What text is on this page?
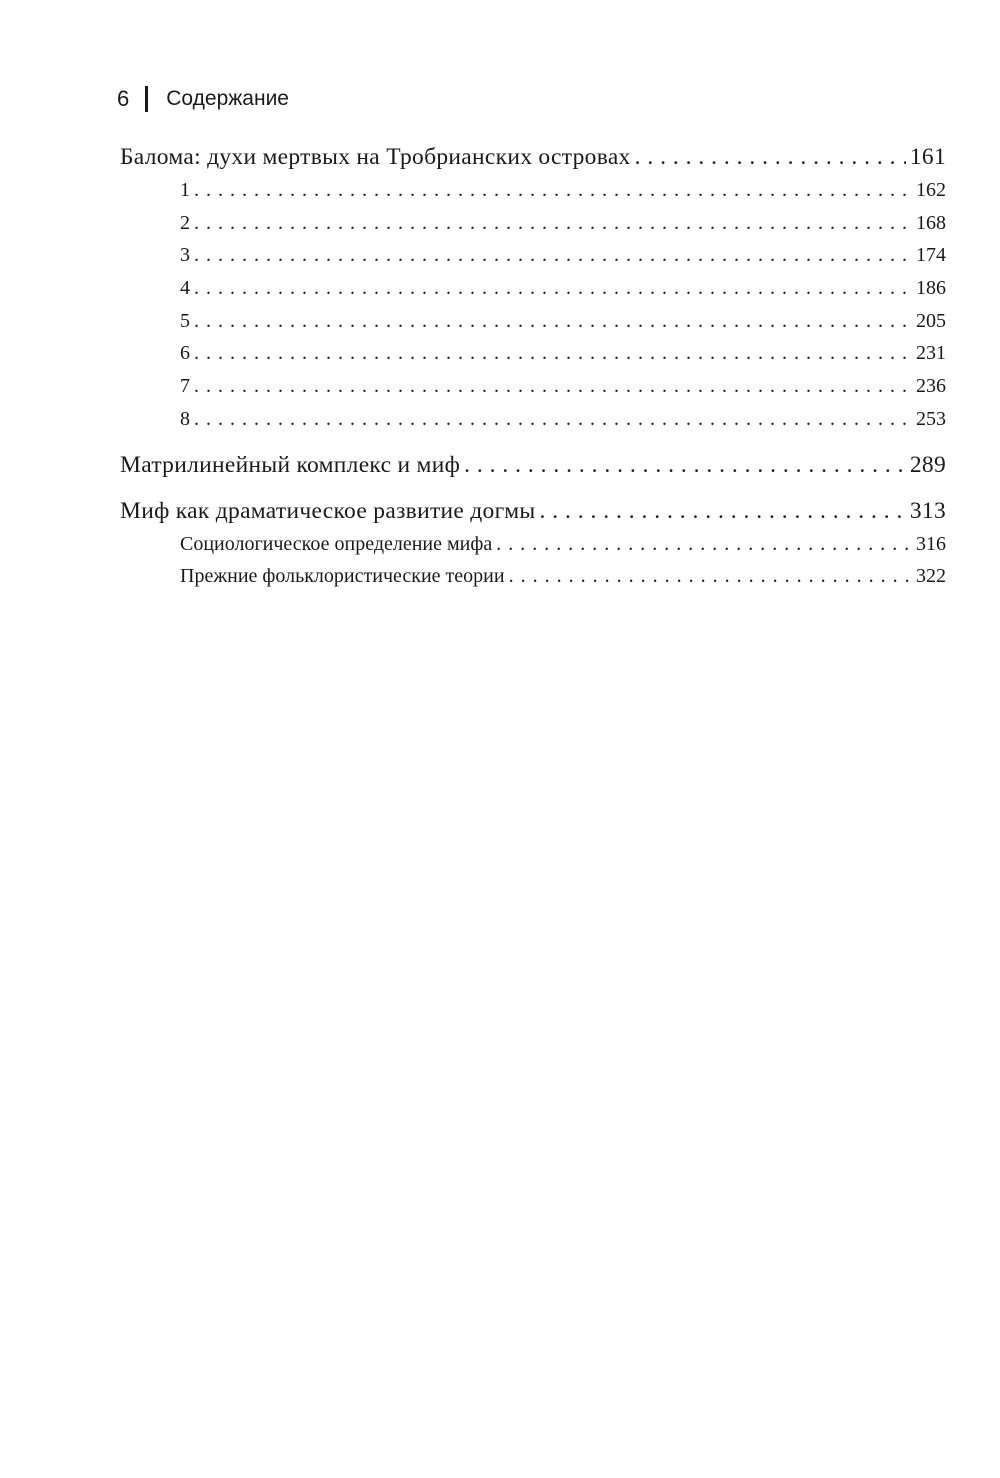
6 Содержание
Балома: духи мертвых на Тробрианских островах . . .	161
1 . . .	162
2 . . .	168
3 . . .	174
4 . . .	186
5 . . .	205
6 . . .	231
7 . . .	236
8 . . .	253
Матрилинейный комплекс и миф . . .	289
Миф как драматическое развитие догмы . . .	313
Социологическое определение мифа . . .	316
Прежние фольклористические теории . . .	322
